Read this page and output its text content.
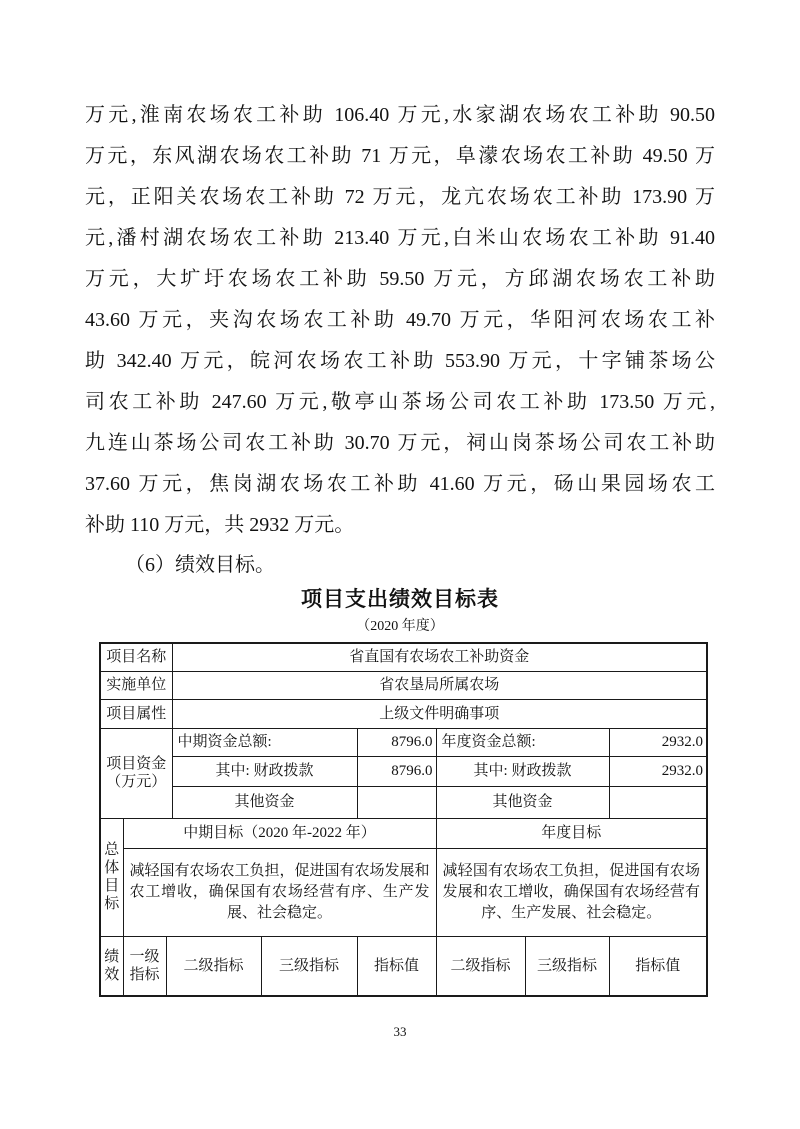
万元,淮南农场农工补助 106.40 万元,水家湖农场农工补助 90.50
万元，东风湖农场农工补助 71 万元，阜濛农场农工补助 49.50 万
元，正阳关农场农工补助 72 万元，龙亢农场农工补助 173.90 万
元,潘村湖农场农工补助 213.40 万元,白米山农场农工补助 91.40
万元，大圹圩农场农工补助 59.50 万元，方邱湖农场农工补助
43.60 万元，夹沟农场农工补助 49.70 万元，华阳河农场农工补
助 342.40 万元，皖河农场农工补助 553.90 万元，十字铺茶场公
司农工补助 247.60 万元,敬亭山茶场公司农工补助 173.50 万元,
九连山茶场公司农工补助 30.70 万元，祠山岗茶场公司农工补助
37.60 万元，焦岗湖农场农工补助 41.60 万元，砀山果园场农工
补助 110 万元，共 2932 万元。
（6）绩效目标。
项目支出绩效目标表
（2020 年度）
项目名称			省直国有农场农工补助资金					
实施单位			省农垦局所属农场					
项目属性			上级文件明确事项					
项目资金（万元）			中期资金总额:		8796.0	年度资金总额:		2932.0
			其中: 财政拨款		8796.0	其中: 财政拨款		2932.0
			其他资金			其他资金		
总体目标	中期目标（2020 年-2022 年）					年度目标		
	减轻国有农场农工负担，促进国有农场发展和农工增收，确保国有农场经营有序、生产发展、社会稳定。					减轻国有农场农工负担，促进国有农场发展和农工增收，确保国有农场经营有序、生产发展、社会稳定。		
绩效	一级指标	二级指标		三级指标	指标值	二级指标	三级指标	指标值
33
